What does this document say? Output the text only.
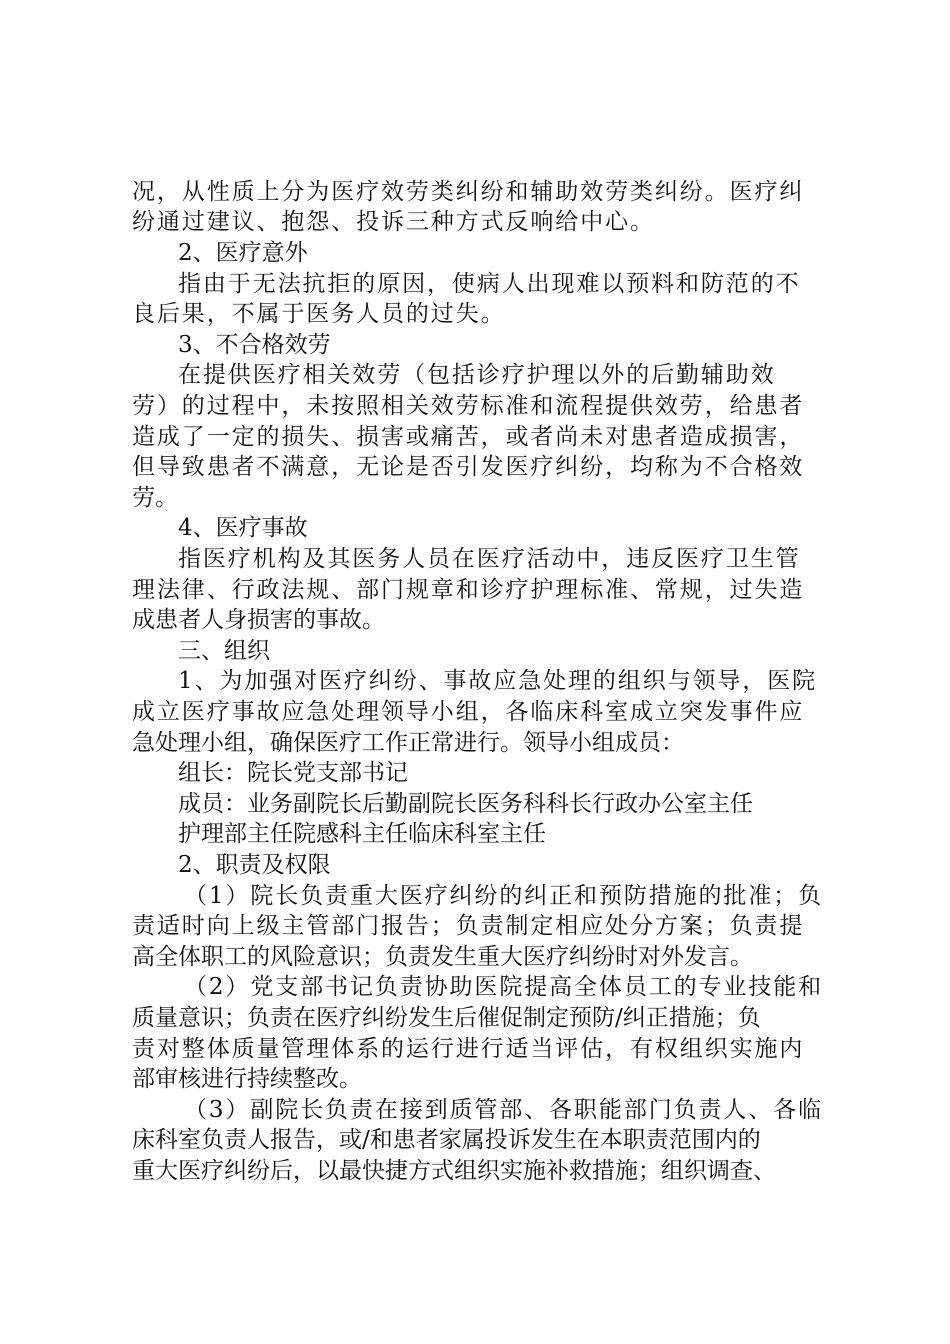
况，从性质上分为医疗效劳类纠纷和辅助效劳类纠纷。医疗纠
纷通过建议、抱怨、投诉三种方式反响给中心。
2、医疗意外
指由于无法抗拒的原因，使病人出现难以预料和防范的不
良后果，不属于医务人员的过失。
3、不合格效劳
在提供医疗相关效劳（包括诊疗护理以外的后勤辅助效
劳）的过程中，未按照相关效劳标准和流程提供效劳，给患者
造成了一定的损失、损害或痛苦，或者尚未对患者造成损害，
但导致患者不满意，无论是否引发医疗纠纷，均称为不合格效
劳。
4、医疗事故
指医疗机构及其医务人员在医疗活动中，违反医疗卫生管
理法律、行政法规、部门规章和诊疗护理标准、常规，过失造
成患者人身损害的事故。
三、组织
1、为加强对医疗纠纷、事故应急处理的组织与领导，医院
成立医疗事故应急处理领导小组，各临床科室成立突发事件应
急处理小组，确保医疗工作正常进行。领导小组成员：
组长：院长党支部书记
成员：业务副院长后勤副院长医务科科长行政办公室主任
护理部主任院感科主任临床科室主任
2、职责及权限
（1）院长负责重大医疗纠纷的纠正和预防措施的批准；负
责适时向上级主管部门报告；负责制定相应处分方案；负责提
高全体职工的风险意识；负责发生重大医疗纠纷时对外发言。
（2）党支部书记负责协助医院提高全体员工的专业技能和
质量意识；负责在医疗纠纷发生后催促制定预防/纠正措施；负
责对整体质量管理体系的运行进行适当评估，有权组织实施内
部审核进行持续整改。
（3）副院长负责在接到质管部、各职能部门负责人、各临
床科室负责人报告，或/和患者家属投诉发生在本职责范围内的
重大医疗纠纷后，以最快捷方式组织实施补救措施；组织调查、
